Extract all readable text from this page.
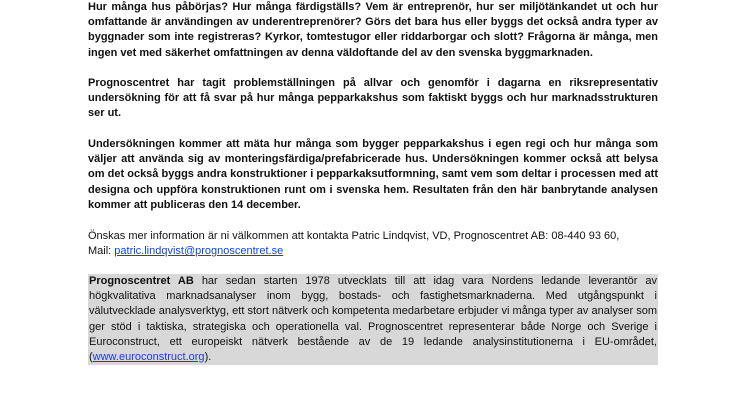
Hur många hus påbörjas? Hur många färdigställs? Vem är entreprenör, hur ser miljötänkandet ut och hur omfattande är användingen av underentreprenörer? Görs det bara hus eller byggs det också andra typer av byggnader som inte registreras? Kyrkor, tomtestugor eller riddarborgar och slott? Frågorna är många, men ingen vet med säkerhet omfattningen av denna väldoftande del av den svenska byggmarknaden.

Prognoscentret har tagit problemställningen på allvar och genomför i dagarna en riksrepresentativ undersökning för att få svar på hur många pepparkakshus som faktiskt byggs och hur marknadsstrukturen ser ut.

Undersökningen kommer att mäta hur många som bygger pepparkakshus i egen regi och hur många som väljer att använda sig av monteringsfärdiga/prefabricerade hus. Undersökningen kommer också att belysa om det också byggs andra konstruktioner i pepparkaksutformning, samt vem som deltar i processen med att designa och uppföra konstruktionen runt om i svenska hem. Resultaten från den här banbrytande analysen kommer att publiceras den 14 december.

Önskas mer information är ni välkommen att kontakta Patric Lindqvist, VD, Prognoscentret AB: 08-440 93 60,
Mail: patric.lindqvist@prognoscentret.se

Prognoscentret AB har sedan starten 1978 utvecklats till att idag vara Nordens ledande leverantör av högkvalitativa marknadsanalyser inom bygg, bostads- och fastighetsmarknaderna. Med utgångspunkt i välutvecklade analysverktyg, ett stort nätverk och kompetenta medarbetare erbjuder vi många typer av analyser som ger stöd i taktiska, strategiska och operationella val. Prognoscentret representerar både Norge och Sverige i Euroconstruct, ett europeiskt nätverk bestående av de 19 ledande analysinstitutionerna i EU-området, (www.euroconstruct.org).
